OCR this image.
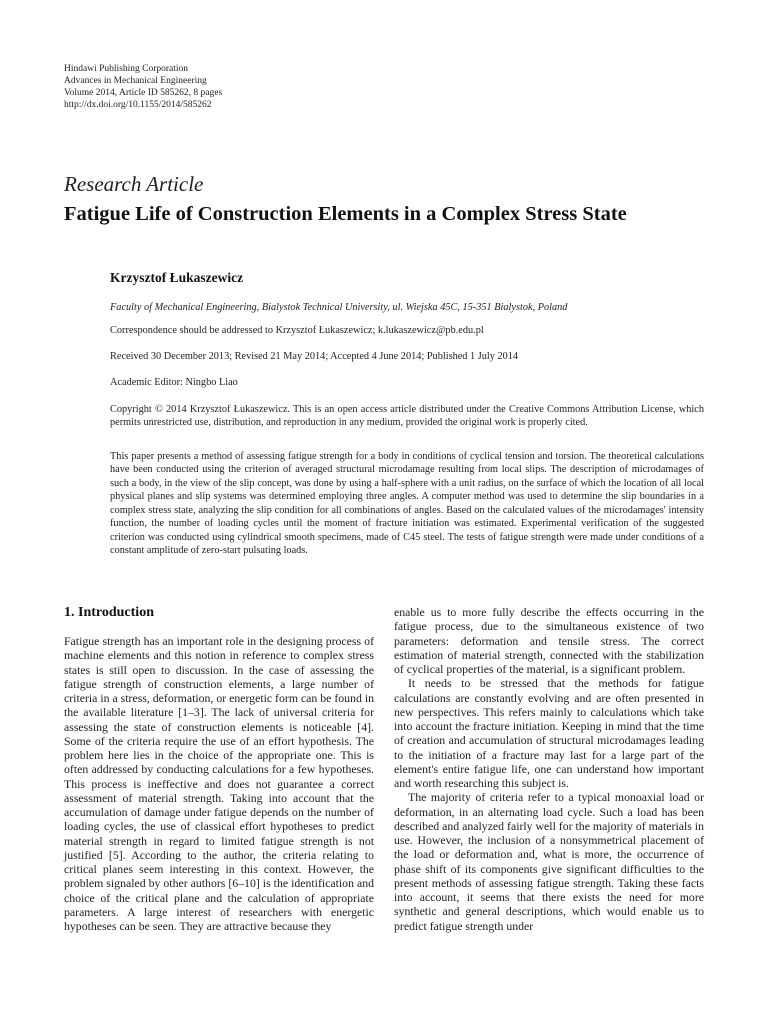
Hindawi Publishing Corporation
Advances in Mechanical Engineering
Volume 2014, Article ID 585262, 8 pages
http://dx.doi.org/10.1155/2014/585262
Research Article
Fatigue Life of Construction Elements in a Complex Stress State
Krzysztof Łukaszewicz
Faculty of Mechanical Engineering, Bialystok Technical University, ul. Wiejska 45C, 15-351 Bialystok, Poland
Correspondence should be addressed to Krzysztof Łukaszewicz; k.lukaszewicz@pb.edu.pl
Received 30 December 2013; Revised 21 May 2014; Accepted 4 June 2014; Published 1 July 2014
Academic Editor: Ningbo Liao
Copyright © 2014 Krzysztof Łukaszewicz. This is an open access article distributed under the Creative Commons Attribution License, which permits unrestricted use, distribution, and reproduction in any medium, provided the original work is properly cited.
This paper presents a method of assessing fatigue strength for a body in conditions of cyclical tension and torsion. The theoretical calculations have been conducted using the criterion of averaged structural microdamage resulting from local slips. The description of microdamages of such a body, in the view of the slip concept, was done by using a half-sphere with a unit radius, on the surface of which the location of all local physical planes and slip systems was determined employing three angles. A computer method was used to determine the slip boundaries in a complex stress state, analyzing the slip condition for all combinations of angles. Based on the calculated values of the microdamages' intensity function, the number of loading cycles until the moment of fracture initiation was estimated. Experimental verification of the suggested criterion was conducted using cylindrical smooth specimens, made of C45 steel. The tests of fatigue strength were made under conditions of a constant amplitude of zero-start pulsating loads.
1. Introduction

Fatigue strength has an important role in the designing process of machine elements and this notion in reference to complex stress states is still open to discussion. In the case of assessing the fatigue strength of construction elements, a large number of criteria in a stress, deformation, or energetic form can be found in the available literature [1–3]. The lack of universal criteria for assessing the state of construction elements is noticeable [4]. Some of the criteria require the use of an effort hypothesis. The problem here lies in the choice of the appropriate one. This is often addressed by conducting calculations for a few hypotheses. This process is ineffective and does not guarantee a correct assessment of material strength. Taking into account that the accumulation of damage under fatigue depends on the number of loading cycles, the use of classical effort hypotheses to predict material strength in regard to limited fatigue strength is not justified [5]. According to the author, the criteria relating to critical planes seem interesting in this context. However, the problem signaled by other authors [6–10] is the identification and choice of the critical plane and the calculation of appropriate parameters. A large interest of researchers with energetic hypotheses can be seen. They are attractive because they

enable us to more fully describe the effects occurring in the fatigue process, due to the simultaneous existence of two parameters: deformation and tensile stress. The correct estimation of material strength, connected with the stabilization of cyclical properties of the material, is a significant problem.

It needs to be stressed that the methods for fatigue calculations are constantly evolving and are often presented in new perspectives. This refers mainly to calculations which take into account the fracture initiation. Keeping in mind that the time of creation and accumulation of structural microdamages leading to the initiation of a fracture may last for a large part of the element's entire fatigue life, one can understand how important and worth researching this subject is.

The majority of criteria refer to a typical monoaxial load or deformation, in an alternating load cycle. Such a load has been described and analyzed fairly well for the majority of materials in use. However, the inclusion of a nonsymmetrical placement of the load or deformation and, what is more, the occurrence of phase shift of its components give significant difficulties to the present methods of assessing fatigue strength. Taking these facts into account, it seems that there exists the need for more synthetic and general descriptions, which would enable us to predict fatigue strength under
